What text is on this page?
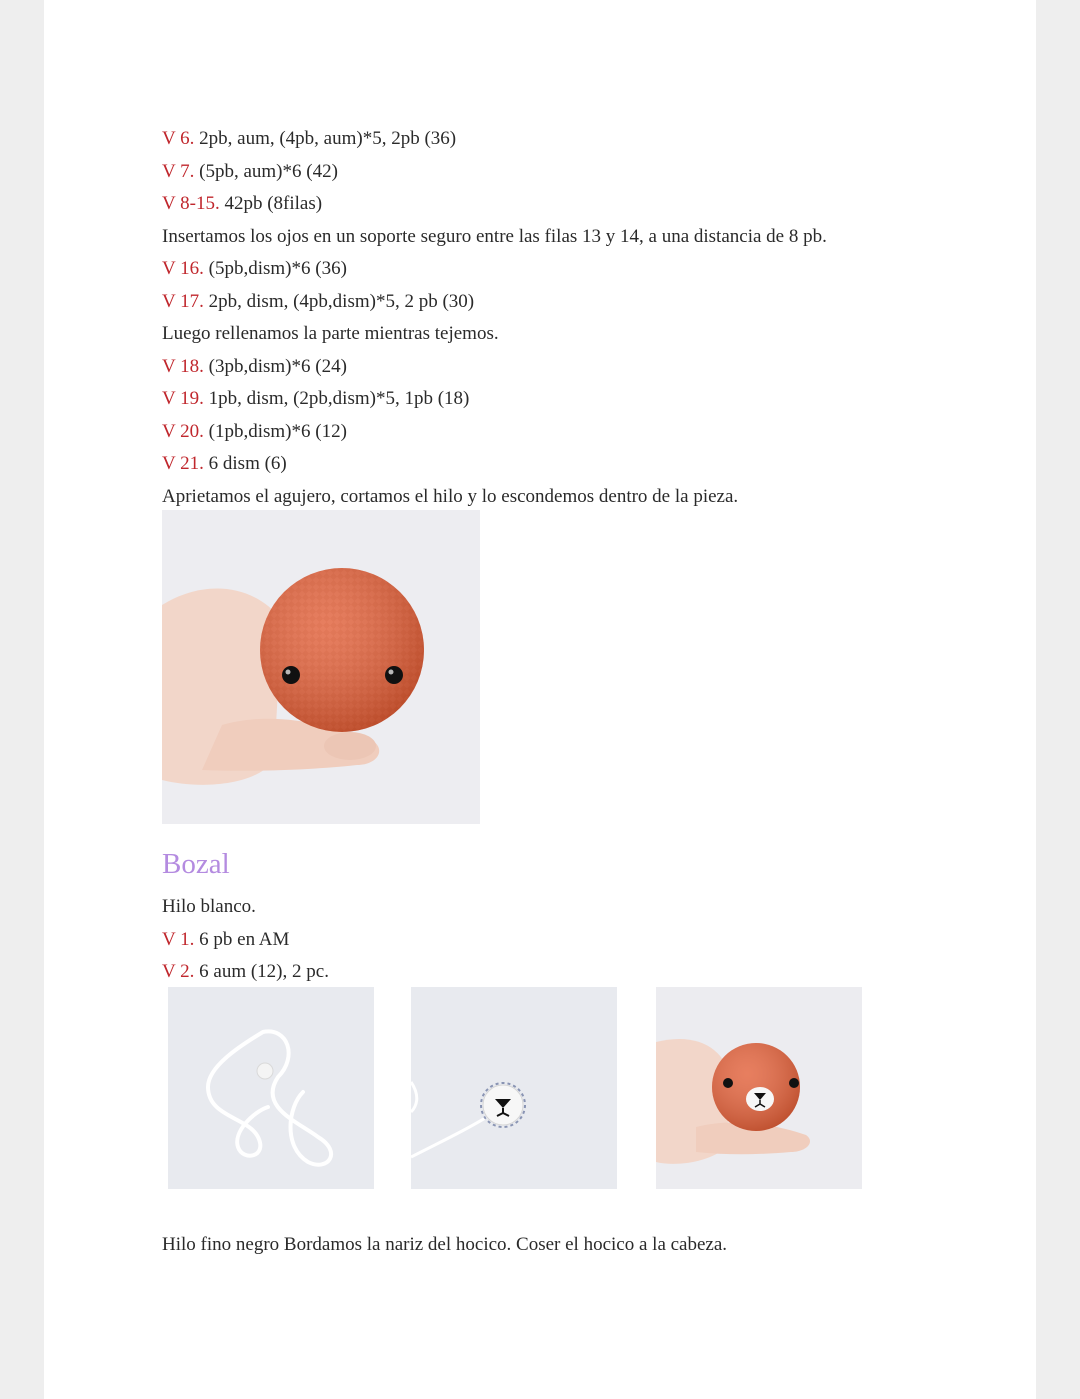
V 6. 2pb, aum, (4pb, aum)*5, 2pb (36)
V 7. (5pb, aum)*6 (42)
V 8-15. 42pb (8filas)
Insertamos los ojos en un soporte seguro entre las filas 13 y 14, a una distancia de 8 pb.
V 16. (5pb,dism)*6 (36)
V 17. 2pb, dism, (4pb,dism)*5, 2 pb (30)
Luego rellenamos la parte mientras tejemos.
V 18. (3pb,dism)*6 (24)
V 19. 1pb, dism, (2pb,dism)*5, 1pb (18)
V 20. (1pb,dism)*6 (12)
V 21. 6 dism (6)
Aprietamos el agujero, cortamos el hilo y lo escondemos dentro de la pieza.
Bozal
Hilo blanco.
V 1. 6 pb en AM
V 2. 6 aum (12), 2 pc.
Hilo fino negro Bordamos la nariz del hocico. Coser el hocico a la cabeza.
